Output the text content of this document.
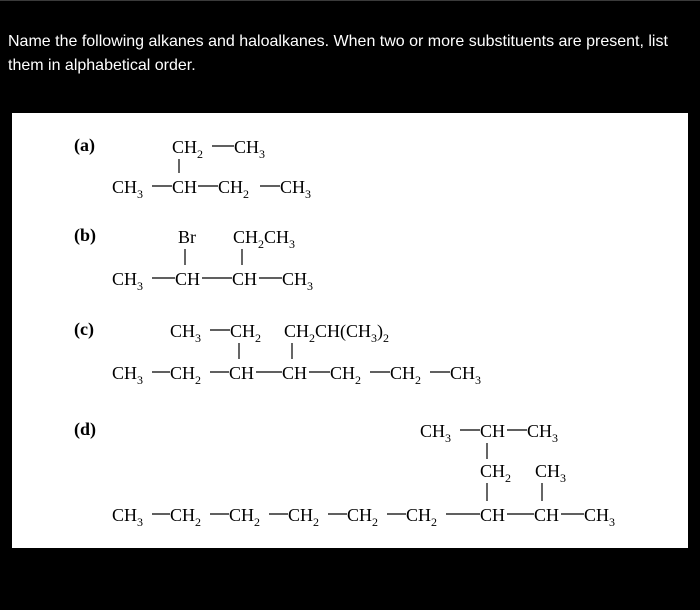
Name the following alkanes and haloalkanes. When two or more substituents are present, list them in alphabetical order.
(a)	$CH_2$ $CH_3$
$CH_3$ CH $CH_2$ $CH_3$
(b)	Br $CH_2CH_3$
$CH_3$ CH CH $CH_3$
(c)	$CH_3$ $CH_2$ $CH_2CH(CH_3)_2$
$CH_3$ $CH_2$ CH CH $CH_2$ $CH_2$ $CH_3$
(d)	$CH_3$ CH $CH_3$
$CH_2$ $CH_3$
$CH_3$ $CH_2$ $CH_2$ $CH_2$ $CH_2$ $CH_2$ CH CH $CH_3$
